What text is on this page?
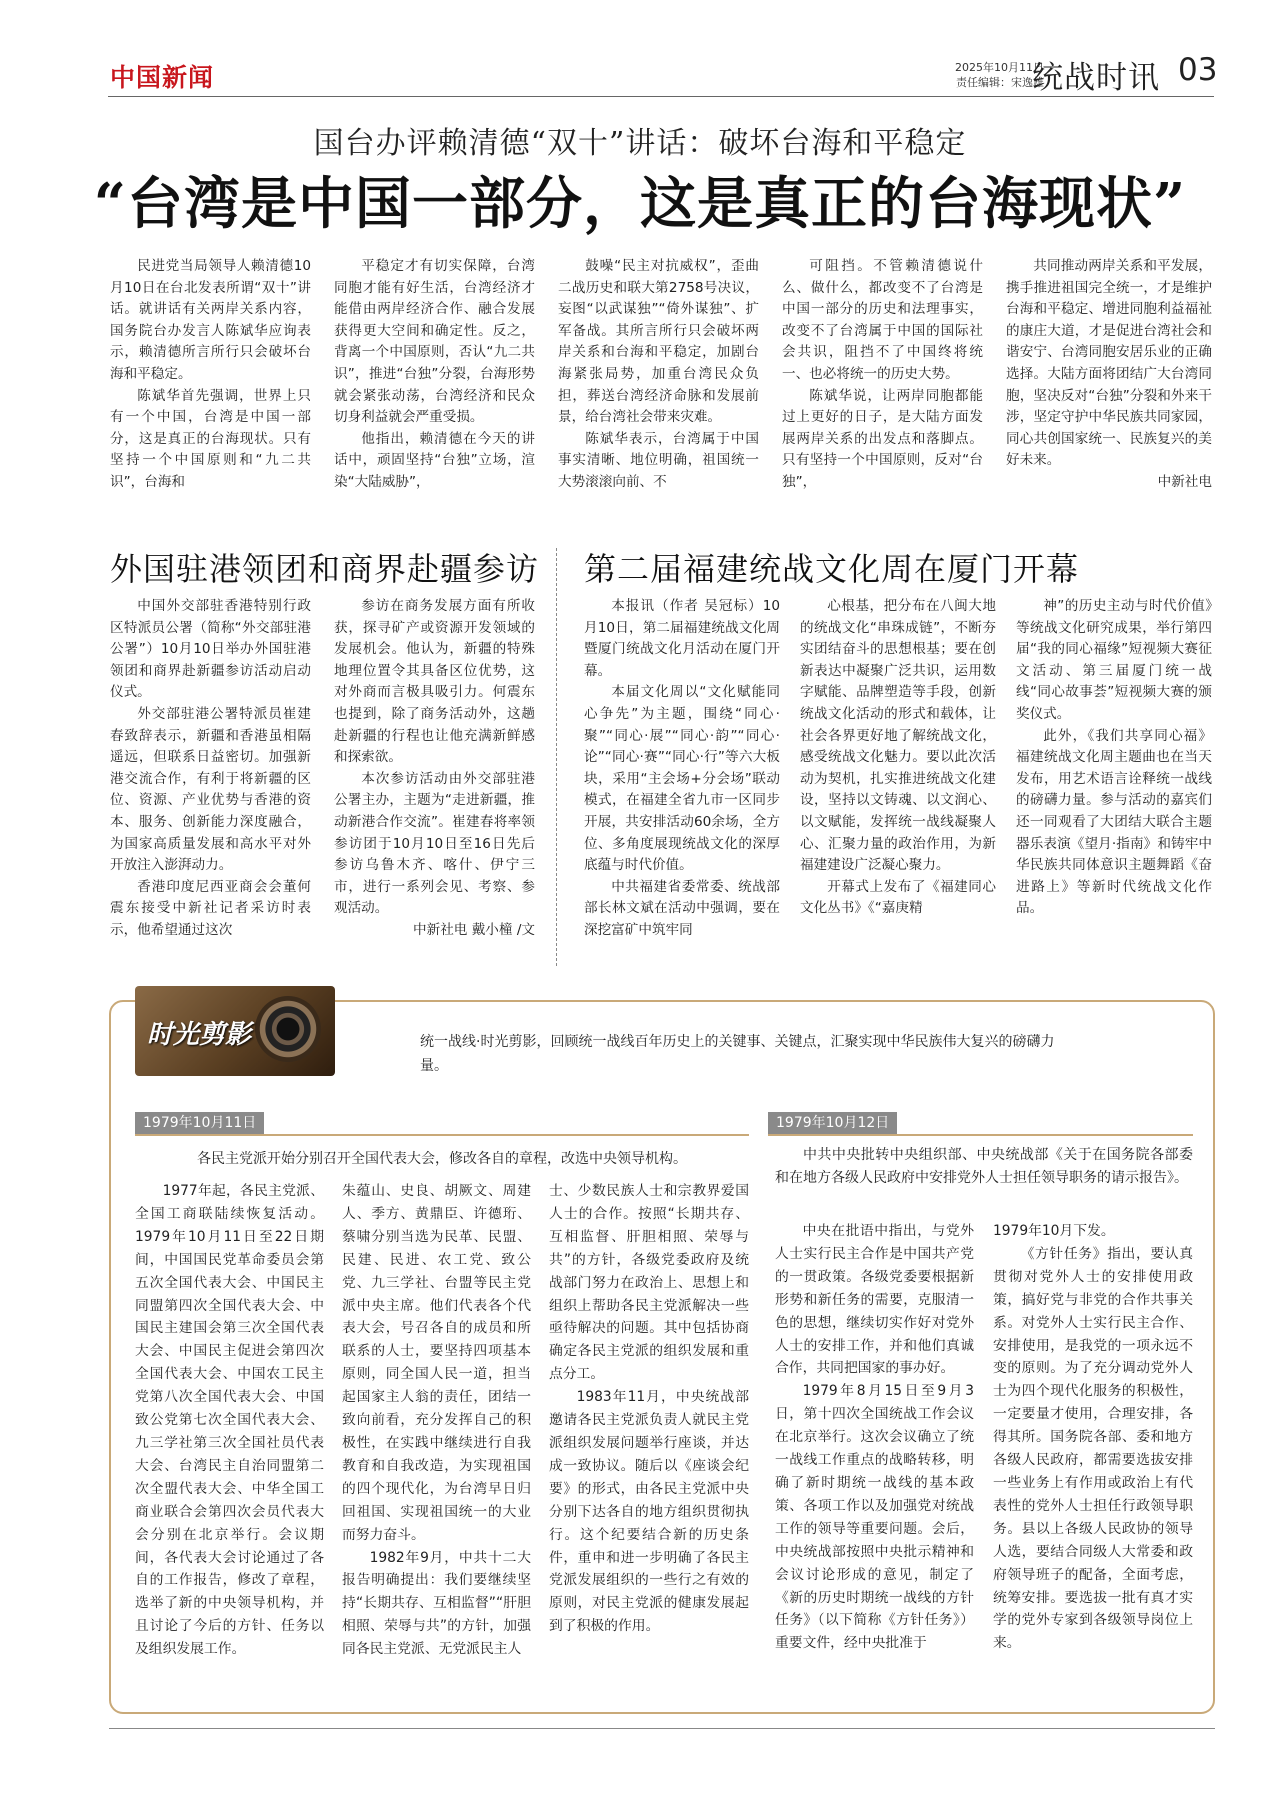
中国新闻	2025年10月11日
责任编辑：宋逸雄
统战时讯 03
国台办评赖清德“双十”讲话：破坏台海和平稳定
“台湾是中国一部分，这是真正的台海现状”

民进党当局领导人赖清德10月10日在台北发表所谓“双十”讲话。就讲话有关两岸关系内容，国务院台办发言人陈斌华应询表示，赖清德所言所行只会破坏台海和平稳定。

陈斌华首先强调，世界上只有一个中国，台湾是中国一部分，这是真正的台海现状。只有坚持一个中国原则和“九二共识”，台海和

平稳定才有切实保障，台湾同胞才能有好生活，台湾经济才能借由两岸经济合作、融合发展获得更大空间和确定性。反之，背离一个中国原则，否认“九二共识”，推进“台独”分裂，台海形势就会紧张动荡，台湾经济和民众切身利益就会严重受损。

他指出，赖清德在今天的讲话中，顽固坚持“台独”立场，渲染“大陆威胁”，

鼓噪“民主对抗威权”，歪曲二战历史和联大第2758号决议，妄图“以武谋独”“倚外谋独”、扩军备战。其所言所行只会破坏两岸关系和台海和平稳定，加剧台海紧张局势，加重台湾民众负担，葬送台湾经济命脉和发展前景，给台湾社会带来灾难。

陈斌华表示，台湾属于中国事实清晰、地位明确，祖国统一大势滚滚向前、不

可阻挡。不管赖清德说什么、做什么，都改变不了台湾是中国一部分的历史和法理事实，改变不了台湾属于中国的国际社会共识，阻挡不了中国终将统一、也必将统一的历史大势。

陈斌华说，让两岸同胞都能过上更好的日子，是大陆方面发展两岸关系的出发点和落脚点。只有坚持一个中国原则，反对“台独”，

共同推动两岸关系和平发展，携手推进祖国完全统一，才是维护台海和平稳定、增进同胞利益福祉的康庄大道，才是促进台湾社会和谐安宁、台湾同胞安居乐业的正确选择。大陆方面将团结广大台湾同胞，坚决反对“台独”分裂和外来干涉，坚定守护中华民族共同家园，同心共创国家统一、民族复兴的美好未来。

中新社电

外国驻港领团和商界赴疆参访

中国外交部驻香港特别行政区特派员公署（简称“外交部驻港公署”）10月10日举办外国驻港领团和商界赴新疆参访活动启动仪式。

外交部驻港公署特派员崔建春致辞表示，新疆和香港虽相隔遥远，但联系日益密切。加强新港交流合作，有利于将新疆的区位、资源、产业优势与香港的资本、服务、创新能力深度融合，为国家高质量发展和高水平对外开放注入澎湃动力。

香港印度尼西亚商会会董何震东接受中新社记者采访时表示，他希望通过这次

参访在商务发展方面有所收获，探寻矿产或资源开发领域的发展机会。他认为，新疆的特殊地理位置令其具备区位优势，这对外商而言极具吸引力。何震东也提到，除了商务活动外，这趟赴新疆的行程也让他充满新鲜感和探索欲。

本次参访活动由外交部驻港公署主办，主题为“走进新疆，推动新港合作交流”。崔建春将率领参访团于10月10日至16日先后参访乌鲁木齐、喀什、伊宁三市，进行一系列会见、考察、参观活动。

中新社电 戴小橦 /文

第二届福建统战文化周在厦门开幕

本报讯（作者 吴冠标）10月10日，第二届福建统战文化周暨厦门统战文化月活动在厦门开幕。

本届文化周以“文化赋能同心争先”为主题，围绕“同心·聚”“同心·展”“同心·韵”“同心·论”“同心·赛”“同心·行”等六大板块，采用“主会场+分会场”联动模式，在福建全省九市一区同步开展，共安排活动60余场，全方位、多角度展现统战文化的深厚底蕴与时代价值。

中共福建省委常委、统战部部长林文斌在活动中强调，要在深挖富矿中筑牢同

心根基，把分布在八闽大地的统战文化“串珠成链”，不断夯实团结奋斗的思想根基；要在创新表达中凝聚广泛共识，运用数字赋能、品牌塑造等手段，创新统战文化活动的形式和载体，让社会各界更好地了解统战文化，感受统战文化魅力。要以此次活动为契机，扎实推进统战文化建设，坚持以文铸魂、以文润心、以文赋能，发挥统一战线凝聚人心、汇聚力量的政治作用，为新福建建设广泛凝心聚力。

开幕式上发布了《福建同心文化丛书》《“嘉庚精

神”的历史主动与时代价值》等统战文化研究成果，举行第四届“我的同心福缘”短视频大赛征文活动、第三届厦门统一战线“同心故事荟”短视频大赛的颁奖仪式。

此外，《我们共享同心福》福建统战文化周主题曲也在当天发布，用艺术语言诠释统一战线的磅礴力量。参与活动的嘉宾们还一同观看了大团结大联合主题器乐表演《望月·指南》和铸牢中华民族共同体意识主题舞蹈《奋进路上》等新时代统战文化作品。

时光剪影	统一战线·时光剪影，回顾统一战线百年历史上的关键事、关键点，汇聚实现中华民族伟大复兴的磅礴力量。
1979年10月11日
各民主党派开始分别召开全国代表大会，修改各自的章程，改选中央领导机构。

1977年起，各民主党派、全国工商联陆续恢复活动。1979年10月11日至22日期间，中国国民党革命委员会第五次全国代表大会、中国民主同盟第四次全国代表大会、中国民主建国会第三次全国代表大会、中国民主促进会第四次全国代表大会、中国农工民主党第八次全国代表大会、中国致公党第七次全国代表大会、九三学社第三次全国社员代表大会、台湾民主自治同盟第二次全盟代表大会、中华全国工商业联合会第四次会员代表大会分别在北京举行。会议期间，各代表大会讨论通过了各自的工作报告，修改了章程，选举了新的中央领导机构，并且讨论了今后的方针、任务以及组织发展工作。

朱蕴山、史良、胡厥文、周建人、季方、黄鼎臣、许德珩、蔡啸分别当选为民革、民盟、民建、民进、农工党、致公党、九三学社、台盟等民主党派中央主席。他们代表各个代表大会，号召各自的成员和所联系的人士，要坚持四项基本原则，同全国人民一道，担当起国家主人翁的责任，团结一致向前看，充分发挥自己的积极性，在实践中继续进行自我教育和自我改造，为实现祖国的四个现代化，为台湾早日归回祖国、实现祖国统一的大业而努力奋斗。

1982年9月，中共十二大报告明确提出：我们要继续坚持“长期共存、互相监督”“肝胆相照、荣辱与共”的方针，加强同各民主党派、无党派民主人

士、少数民族人士和宗教界爱国人士的合作。按照“长期共存、互相监督、肝胆相照、荣辱与共”的方针，各级党委政府及统战部门努力在政治上、思想上和组织上帮助各民主党派解决一些亟待解决的问题。其中包括协商确定各民主党派的组织发展和重点分工。

1983年11月，中央统战部邀请各民主党派负责人就民主党派组织发展问题举行座谈，并达成一致协议。随后以《座谈会纪要》的形式，由各民主党派中央分别下达各自的地方组织贯彻执行。这个纪要结合新的历史条件，重申和进一步明确了各民主党派发展组织的一些行之有效的原则，对民主党派的健康发展起到了积极的作用。

1979年10月12日
中共中央批转中央组织部、中央统战部《关于在国务院各部委和在地方各级人民政府中安排党外人士担任领导职务的请示报告》。

中央在批语中指出，与党外人士实行民主合作是中国共产党的一贯政策。各级党委要根据新形势和新任务的需要，克服清一色的思想，继续切实作好对党外人士的安排工作，并和他们真诚合作，共同把国家的事办好。

1979年8月15日至9月3日，第十四次全国统战工作会议在北京举行。这次会议确立了统一战线工作重点的战略转移，明确了新时期统一战线的基本政策、各项工作以及加强党对统战工作的领导等重要问题。会后，中央统战部按照中央批示精神和会议讨论形成的意见，制定了《新的历史时期统一战线的方针任务》（以下简称《方针任务》）重要文件，经中央批准于

1979年10月下发。

《方针任务》指出，要认真贯彻对党外人士的安排使用政策，搞好党与非党的合作共事关系。对党外人士实行民主合作、安排使用，是我党的一项永远不变的原则。为了充分调动党外人士为四个现代化服务的积极性，一定要量才使用，合理安排，各得其所。国务院各部、委和地方各级人民政府，都需要选拔安排一些业务上有作用或政治上有代表性的党外人士担任行政领导职务。县以上各级人民政协的领导人选，要结合同级人大常委和政府领导班子的配备，全面考虑，统筹安排。要选拔一批有真才实学的党外专家到各级领导岗位上来。
